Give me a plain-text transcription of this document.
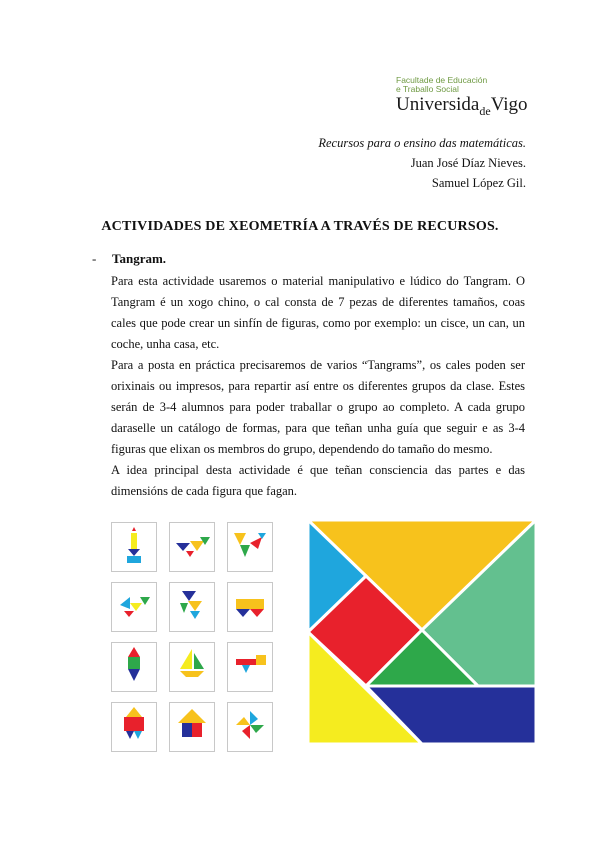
Facultade de Educación
e Traballo Social
Universida$_{de}$Vigo
Recursos para o ensino das matemáticas.
Juan José Díaz Nieves.
Samuel López Gil.
ACTIVIDADES DE XEOMETRÍA A TRAVÉS DE RECURSOS.
- Tangram.
Para esta actividade usaremos o material manipulativo e lúdico do Tangram. O Tangram é un xogo chino, o cal consta de 7 pezas de diferentes tamaños, coas cales que pode crear un sinfín de figuras, como por exemplo: un cisce, un can, un coche, unha casa, etc.
Para a posta en práctica precisaremos de varios “Tangrams”, os cales poden ser orixinais ou impresos, para repartir así entre os diferentes grupos da clase. Estes serán de 3-4 alumnos para poder traballar o grupo ao completo. A cada grupo daraselle un catálogo de formas, para que teñan unha guía que seguir e as 3-4 figuras que elixan os membros do grupo, dependendo do tamaño do mesmo.
A idea principal desta actividade é que teñan consciencia das partes e das dimensións de cada figura que fagan.
